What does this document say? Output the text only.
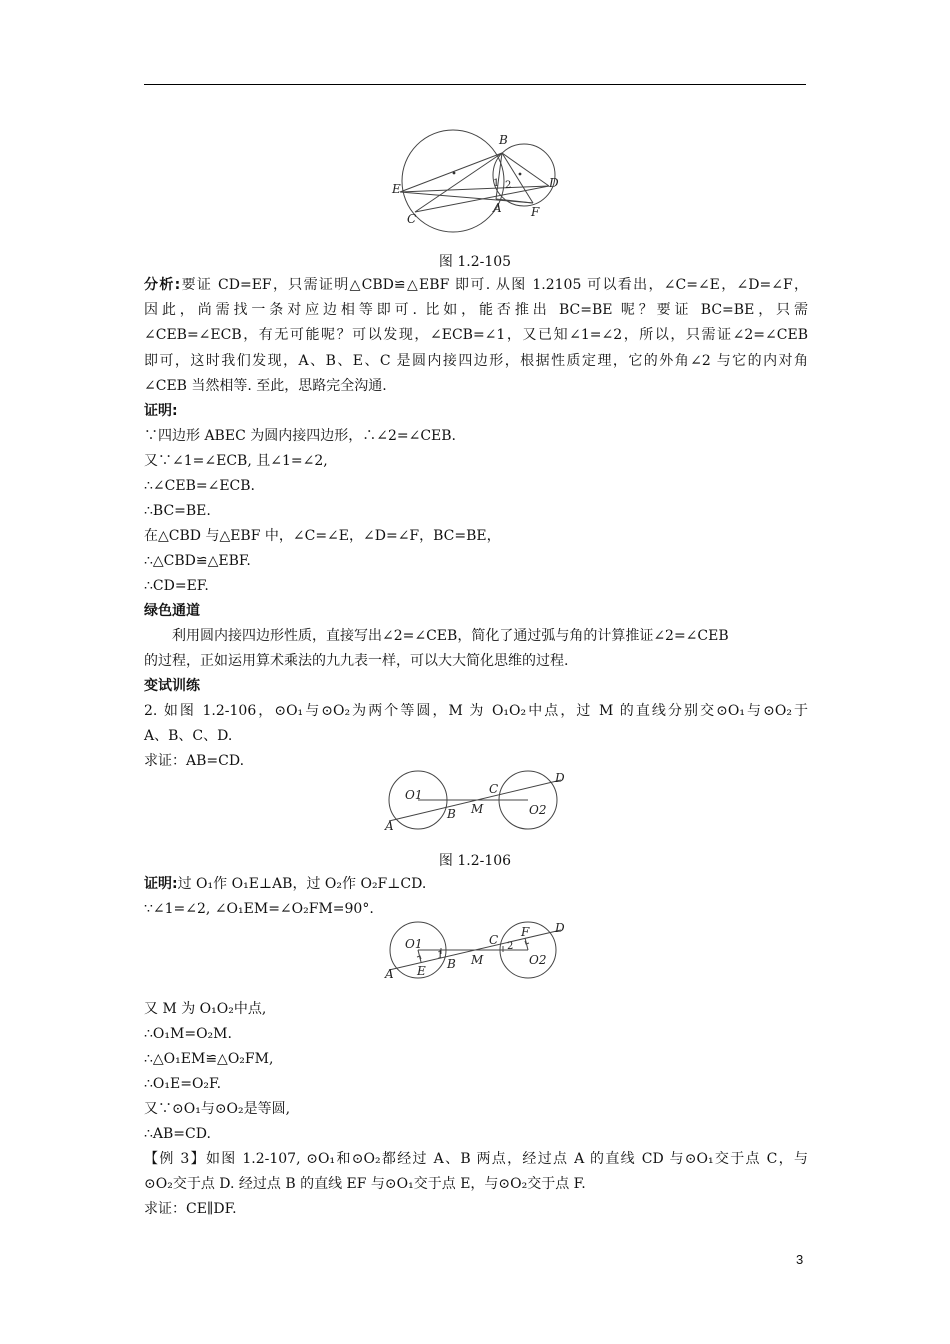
B
E
C
A F
D
1 2
图 1.2-105
分析:要证 CD=EF，只需证明△CBD≌△EBF 即可. 从图 1.2105 可以看出，∠C=∠E，∠D=∠F，
因此，尚需找一条对应边相等即可. 比如，能否推出 BC=BE 呢？要证 BC=BE，只需
∠CEB=∠ECB，有无可能呢？可以发现，∠ECB=∠1，又已知∠1=∠2，所以，只需证∠2=∠CEB
即可，这时我们发现，A、B、E、C 是圆内接四边形，根据性质定理，它的外角∠2 与它的内对角
∠CEB 当然相等. 至此，思路完全沟通.
证明:
∵四边形 ABEC 为圆内接四边形，∴∠2=∠CEB.
又∵∠1=∠ECB, 且∠1=∠2,
∴∠CEB=∠ECB.
∴BC=BE.
在△CBD 与△EBF 中，∠C=∠E，∠D=∠F，BC=BE，
∴△CBD≌△EBF.
∴CD=EF.
绿色通道
利用圆内接四边形性质，直接写出∠2=∠CEB，简化了通过弧与角的计算推证∠2=∠CEB
的过程，正如运用算术乘法的九九表一样，可以大大简化思维的过程.
变试训练
2. 如图 1.2-106，⊙O₁与⊙O₂为两个等圆，M 为 O₁O₂中点，过 M 的直线分别交⊙O₁与⊙O₂于
A、B、C、D.
求证：AB=CD.
O1
A
B M
C
D
O2
图 1.2-106
证明:过 O₁作 O₁E⊥AB，过 O₂作 O₂F⊥CD.
∵∠1=∠2, ∠O₁EM=∠O₂FM=90°.
O1
A E B M
C
F D
O2
1
2
又 M 为 O₁O₂中点,
∴O₁M=O₂M.
∴△O₁EM≌△O₂FM,
∴O₁E=O₂F.
又∵⊙O₁与⊙O₂是等圆,
∴AB=CD.
【例 3】如图 1.2-107, ⊙O₁和⊙O₂都经过 A、B 两点，经过点 A 的直线 CD 与⊙O₁交于点 C，与
⊙O₂交于点 D. 经过点 B 的直线 EF 与⊙O₁交于点 E，与⊙O₂交于点 F.
求证：CE∥DF.
3
